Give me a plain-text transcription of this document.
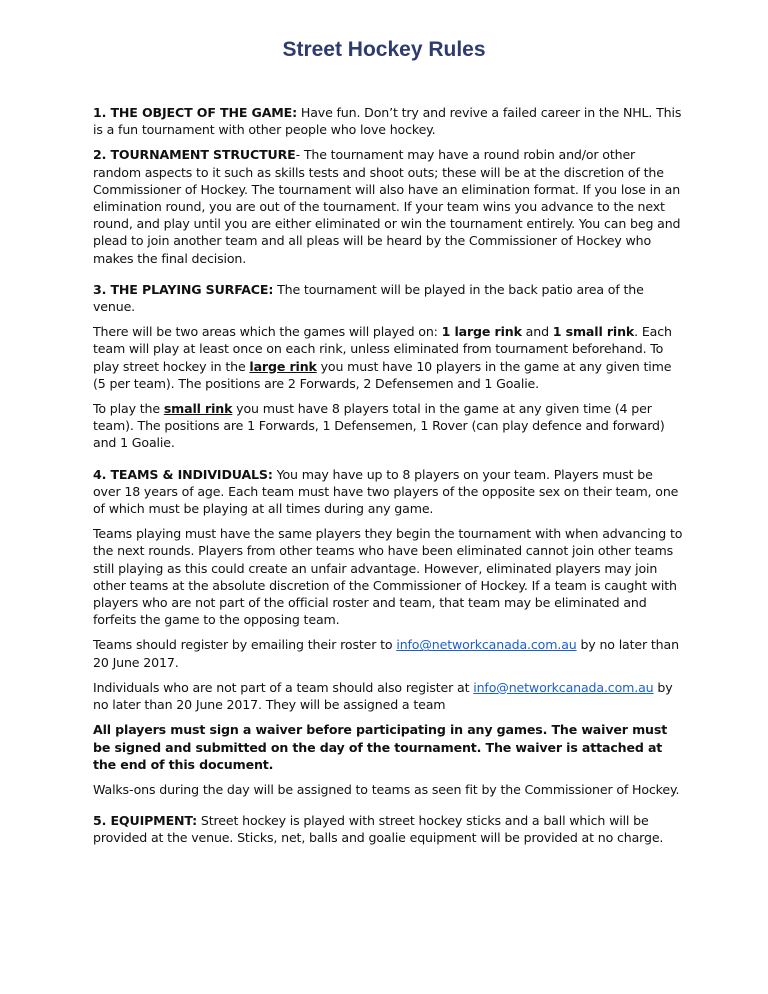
Street Hockey Rules

1. THE OBJECT OF THE GAME: Have fun. Don’t try and revive a failed career in the NHL. This is a fun tournament with other people who love hockey.

2. TOURNAMENT STRUCTURE- The tournament may have a round robin and/or other random aspects to it such as skills tests and shoot outs; these will be at the discretion of the Commissioner of Hockey. The tournament will also have an elimination format. If you lose in an elimination round, you are out of the tournament. If your team wins you advance to the next round, and play until you are either eliminated or win the tournament entirely. You can beg and plead to join another team and all pleas will be heard by the Commissioner of Hockey who makes the final decision.

3. THE PLAYING SURFACE: The tournament will be played in the back patio area of the venue.

There will be two areas which the games will played on: 1 large rink and 1 small rink. Each team will play at least once on each rink, unless eliminated from tournament beforehand. To play street hockey in the large rink you must have 10 players in the game at any given time (5 per team). The positions are 2 Forwards, 2 Defensemen and 1 Goalie.

To play the small rink you must have 8 players total in the game at any given time (4 per team). The positions are 1 Forwards, 1 Defensemen, 1 Rover (can play defence and forward) and 1 Goalie.

4. TEAMS & INDIVIDUALS: You may have up to 8 players on your team. Players must be over 18 years of age. Each team must have two players of the opposite sex on their team, one of which must be playing at all times during any game.

Teams playing must have the same players they begin the tournament with when advancing to the next rounds. Players from other teams who have been eliminated cannot join other teams still playing as this could create an unfair advantage. However, eliminated players may join other teams at the absolute discretion of the Commissioner of Hockey. If a team is caught with players who are not part of the official roster and team, that team may be eliminated and forfeits the game to the opposing team.

Teams should register by emailing their roster to info@networkcanada.com.au by no later than 20 June 2017.

Individuals who are not part of a team should also register at info@networkcanada.com.au by no later than 20 June 2017. They will be assigned a team

All players must sign a waiver before participating in any games. The waiver must be signed and submitted on the day of the tournament. The waiver is attached at the end of this document.

Walks-ons during the day will be assigned to teams as seen fit by the Commissioner of Hockey.

5. EQUIPMENT: Street hockey is played with street hockey sticks and a ball which will be provided at the venue. Sticks, net, balls and goalie equipment will be provided at no charge.
